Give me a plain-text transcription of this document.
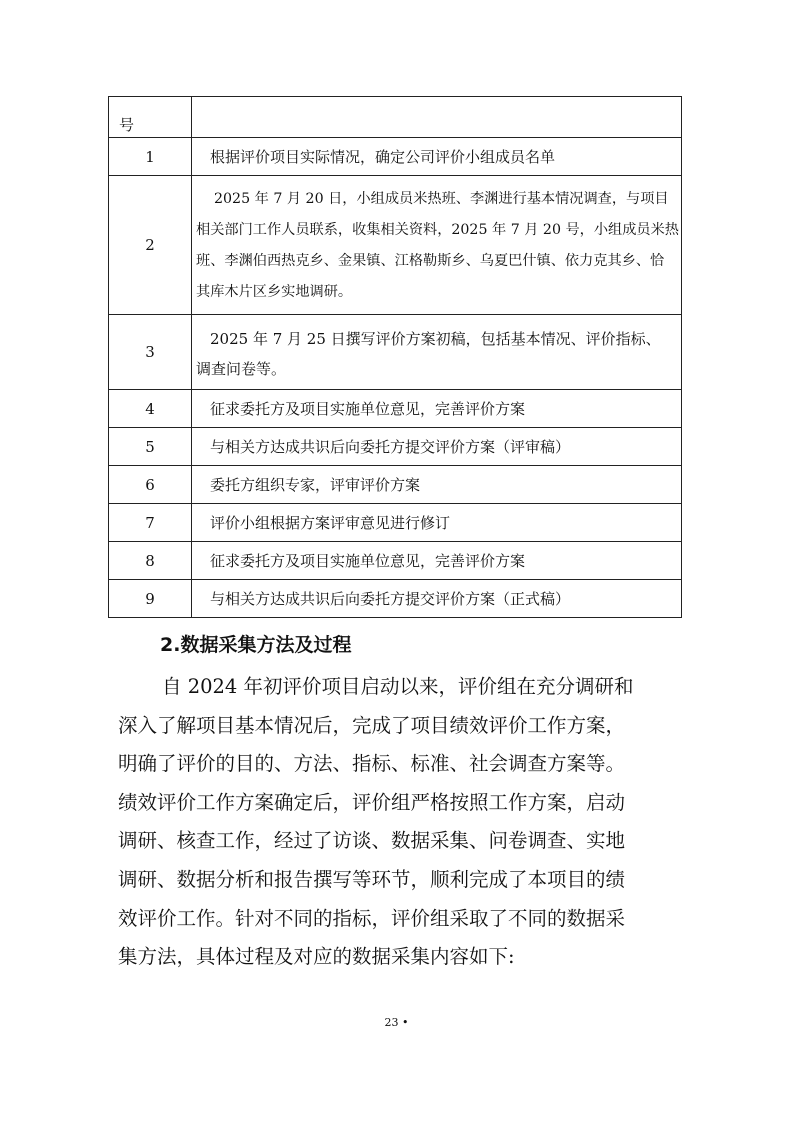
号	
1	根据评价项目实际情况，确定公司评价小组成员名单

2	2025 年 7 月 20 日，小组成员米热班、李渊进行基本情况调查，与项目
相关部门工作人员联系，收集相关资料，2025 年 7 月 20 号，小组成员米热
班、李渊伯西热克乡、金果镇、江格勒斯乡、乌夏巴什镇、依力克其乡、恰
其库木片区乡实地调研。

3	2025 年 7 月 25 日撰写评价方案初稿，包括基本情况、评价指标、
调查问卷等。

4	征求委托方及项目实施单位意见，完善评价方案

5	与相关方达成共识后向委托方提交评价方案（评审稿）

6	委托方组织专家，评审评价方案

7	评价小组根据方案评审意见进行修订

8	征求委托方及项目实施单位意见，完善评价方案

9	与相关方达成共识后向委托方提交评价方案（正式稿）
2.数据采集方法及过程
自 2024 年初评价项目启动以来，评价组在充分调研和
深入了解项目基本情况后，完成了项目绩效评价工作方案，
明确了评价的目的、方法、指标、标准、社会调查方案等。
绩效评价工作方案确定后，评价组严格按照工作方案，启动
调研、核查工作，经过了访谈、数据采集、问卷调查、实地
调研、数据分析和报告撰写等环节，顺利完成了本项目的绩
效评价工作。针对不同的指标，评价组采取了不同的数据采
集方法，具体过程及对应的数据采集内容如下:
23 •
